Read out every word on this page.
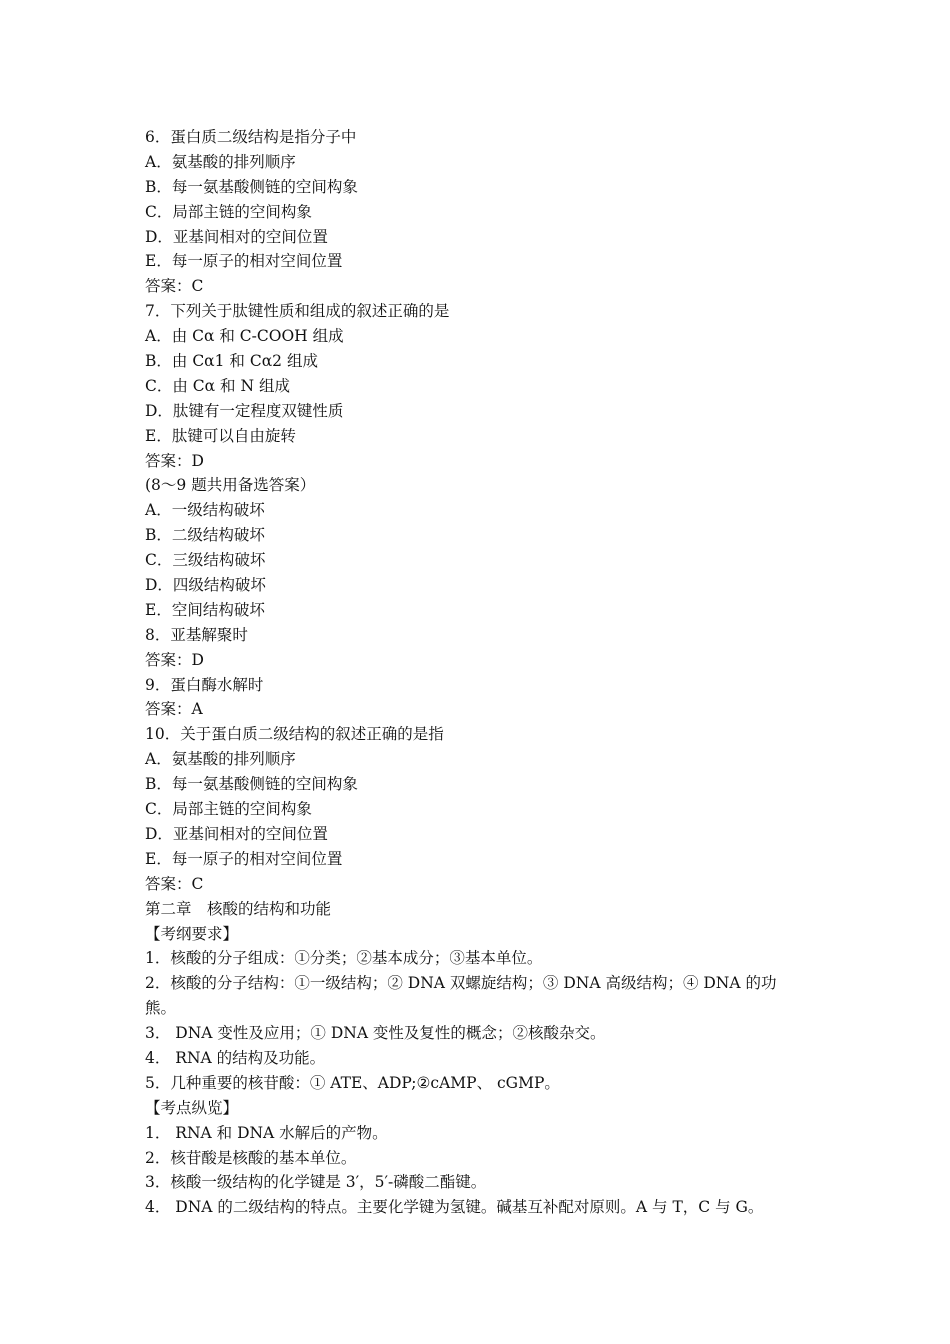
6．蛋白质二级结构是指分子中
A．氨基酸的排列顺序
B．每一氨基酸侧链的空间构象
C．局部主链的空间构象
D．亚基间相对的空间位置
E．每一原子的相对空间位置
答案：C
7．下列关于肽键性质和组成的叙述正确的是
A．由 Cα 和 C-COOH 组成
B．由 Cα1 和 Cα2 组成
C．由 Cα 和 N 组成
D．肽键有一定程度双键性质
E．肽键可以自由旋转
答案：D
(8～9 题共用备选答案）
A．一级结构破坏
B．二级结构破坏
C．三级结构破坏
D．四级结构破坏
E．空间结构破坏
8．亚基解聚时
答案：D
9．蛋白酶水解时
答案：A
10．关于蛋白质二级结构的叙述正确的是指
A．氨基酸的排列顺序
B．每一氨基酸侧链的空间构象
C．局部主链的空间构象
D．亚基间相对的空间位置
E．每一原子的相对空间位置
答案：C
第二章　核酸的结构和功能
【考纲要求】
1．核酸的分子组成：①分类；②基本成分；③基本单位。
2．核酸的分子结构：①一级结构；② DNA 双螺旋结构；③ DNA 高级结构；④ DNA 的功
熊。
3． DNA 变性及应用；① DNA 变性及复性的概念；②核酸杂交。
4． RNA 的结构及功能。
5．几种重要的核苷酸：① ATE、ADP;②cAMP、 cGMP。
【考点纵览】
1． RNA 和 DNA 水解后的产物。
2．核苷酸是核酸的基本单位。
3．核酸一级结构的化学键是 3′，5′-磷酸二酯键。
4． DNA 的二级结构的特点。主要化学键为氢键。碱基互补配对原则。A 与 T，C 与 G。
